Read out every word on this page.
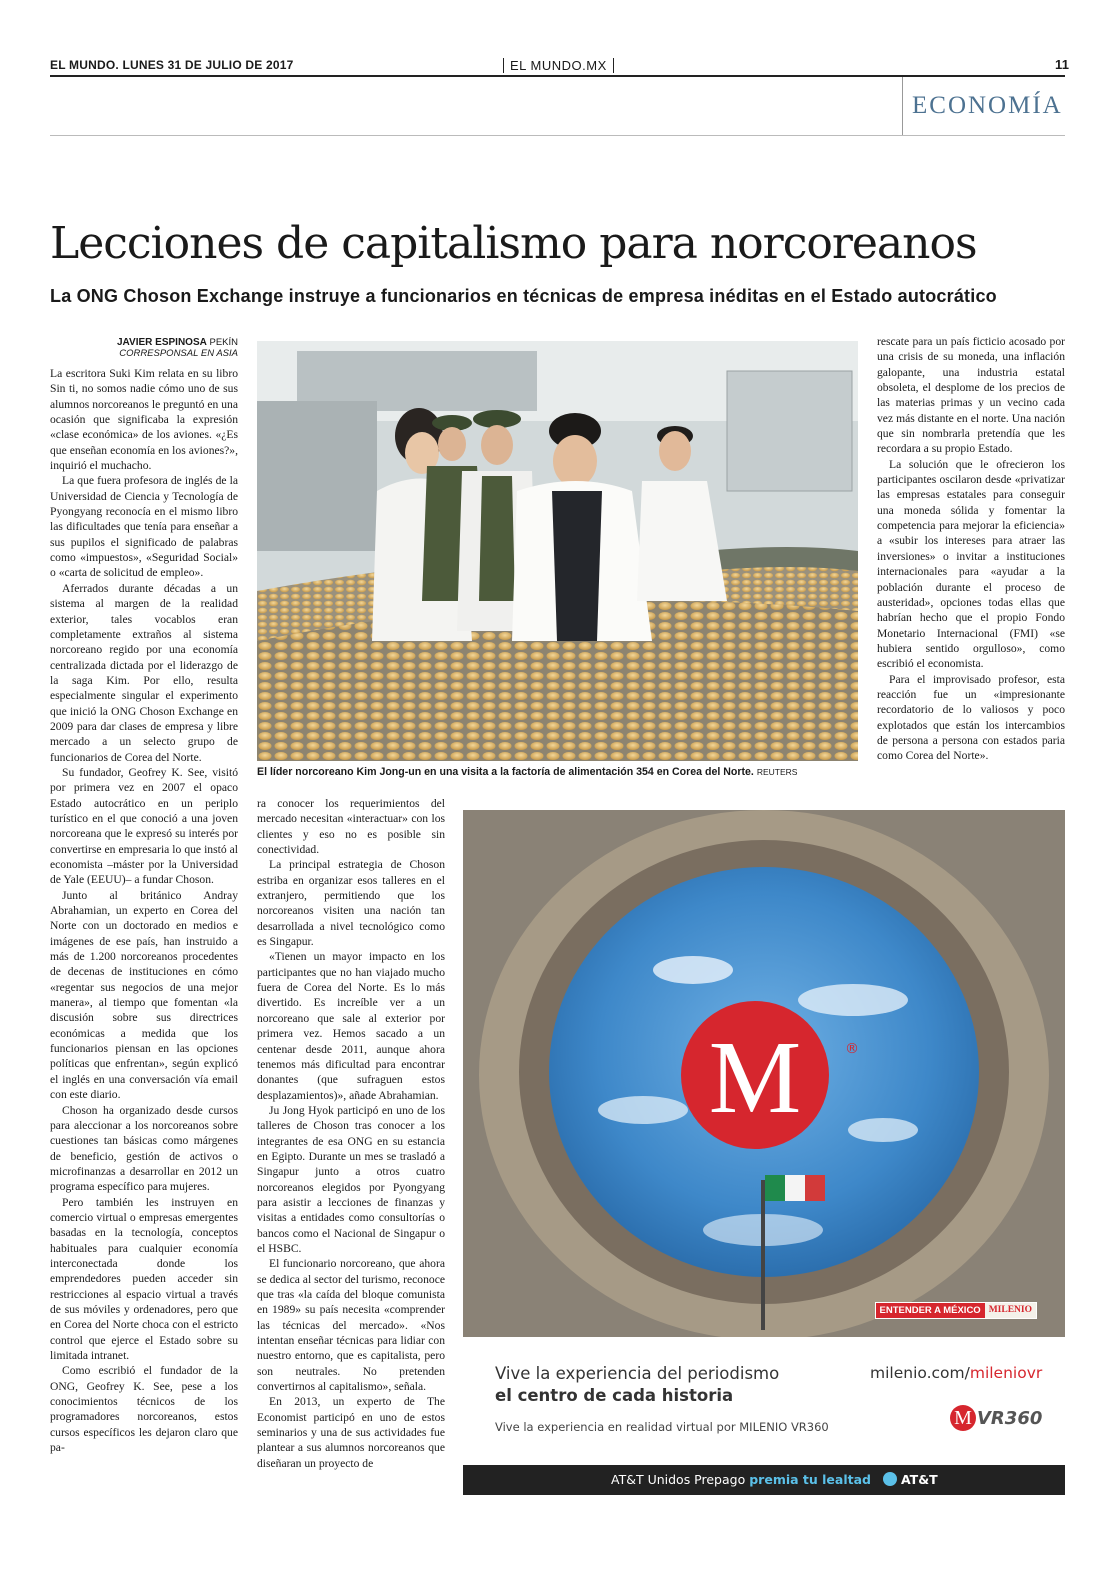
EL MUNDO. LUNES 31 DE JULIO DE 2017	EL MUNDO.MX	11
ECONOMÍA
Lecciones de capitalismo para norcoreanos
La ONG Choson Exchange instruye a funcionarios en técnicas de empresa inéditas en el Estado autocrático
JAVIER ESPINOSA PEKÍN
CORRESPONSAL EN ASIA

La escritora Suki Kim relata en su libro Sin ti, no somos nadie cómo uno de sus alumnos norcoreanos le preguntó en una ocasión que significaba la expresión «clase económica» de los aviones. «¿Es que enseñan economía en los aviones?», inquirió el muchacho.

La que fuera profesora de inglés de la Universidad de Ciencia y Tecnología de Pyongyang reconocía en el mismo libro las dificultades que tenía para enseñar a sus pupilos el significado de palabras como «impuestos», «Seguridad Social» o «carta de solicitud de empleo».

Aferrados durante décadas a un sistema al margen de la realidad exterior, tales vocablos eran completamente extraños al sistema norcoreano regido por una economía centralizada dictada por el liderazgo de la saga Kim. Por ello, resulta especialmente singular el experimento que inició la ONG Choson Exchange en 2009 para dar clases de empresa y libre mercado a un selecto grupo de funcionarios de Corea del Norte.

Su fundador, Geofrey K. See, visitó por primera vez en 2007 el opaco Estado autocrático en un periplo turístico en el que conoció a una joven norcoreana que le expresó su interés por convertirse en empresaria lo que instó al economista –máster por la Universidad de Yale (EEUU)– a fundar Choson.

Junto al británico Andray Abrahamian, un experto en Corea del Norte con un doctorado en medios e imágenes de ese país, han instruido a más de 1.200 norcoreanos procedentes de decenas de instituciones en cómo «regentar sus negocios de una mejor manera», al tiempo que fomentan «la discusión sobre sus directrices económicas a medida que los funcionarios piensan en las opciones políticas que enfrentan», según explicó el inglés en una conversación vía email con este diario.

Choson ha organizado desde cursos para aleccionar a los norcoreanos sobre cuestiones tan básicas como márgenes de beneficio, gestión de activos o microfinanzas a desarrollar en 2012 un programa específico para mujeres.

Pero también les instruyen en comercio virtual o empresas emergentes basadas en la tecnología, conceptos habituales para cualquier economía interconectada donde los emprendedores pueden acceder sin restricciones al espacio virtual a través de sus móviles y ordenadores, pero que en Corea del Norte choca con el estricto control que ejerce el Estado sobre su limitada intranet.

Como escribió el fundador de la ONG, Geofrey K. See, pese a los conocimientos técnicos de los programadores norcoreanos, estos cursos específicos les dejaron claro que pa-

El líder norcoreano Kim Jong-un en una visita a la factoría de alimentación 354 en Corea del Norte. REUTERS

rescate para un país ficticio acosado por una crisis de su moneda, una inflación galopante, una industria estatal obsoleta, el desplome de los precios de las materias primas y un vecino cada vez más distante en el norte. Una nación que sin nombrarla pretendía que les recordara a su propio Estado.

La solución que le ofrecieron los participantes oscilaron desde «privatizar las empresas estatales para conseguir una moneda sólida y fomentar la competencia para mejorar la eficiencia» a «subir los intereses para atraer las inversiones» o invitar a instituciones internacionales para «ayudar a la población durante el proceso de austeridad», opciones todas ellas que habrían hecho que el propio Fondo Monetario Internacional (FMI) «se hubiera sentido orgulloso», como escribió el economista.

Para el improvisado profesor, esta reacción fue un «impresionante recordatorio de lo valiosos y poco explotados que están los intercambios de persona a persona con estados paria como Corea del Norte».

ra conocer los requerimientos del mercado necesitan «interactuar» con los clientes y eso no es posible sin conectividad.

La principal estrategia de Choson estriba en organizar esos talleres en el extranjero, permitiendo que los norcoreanos visiten una nación tan desarrollada a nivel tecnológico como es Singapur.

«Tienen un mayor impacto en los participantes que no han viajado mucho fuera de Corea del Norte. Es lo más divertido. Es increíble ver a un norcoreano que sale al exterior por primera vez. Hemos sacado a un centenar desde 2011, aunque ahora tenemos más dificultad para encontrar donantes (que sufraguen estos desplazamientos)», añade Abrahamian.

Ju Jong Hyok participó en uno de los talleres de Choson tras conocer a los integrantes de esa ONG en su estancia en Egipto. Durante un mes se trasladó a Singapur junto a otros cuatro norcoreanos elegidos por Pyongyang para asistir a lecciones de finanzas y visitas a entidades como consultorías o bancos como el Nacional de Singapur o el HSBC.

El funcionario norcoreano, que ahora se dedica al sector del turismo, reconoce que tras «la caída del bloque comunista en 1989» su país necesita «comprender las técnicas del mercado». «Nos intentan enseñar técnicas para lidiar con nuestro entorno, que es capitalista, pero son neutrales. No pretenden convertirnos al capitalismo», señala.

En 2013, un experto de The Economist participó en uno de estos seminarios y una de sus actividades fue plantear a sus alumnos norcoreanos que diseñaran un proyecto de

M	®
ENTENDER A MÉXICO MILENIO
Vive la experiencia del periodismo
el centro de cada historia
Vive la experiencia en realidad virtual por MILENIO VR360
milenio.com/mileniovr
M VR360
AT&T Unidos Prepago premia tu lealtad AT&T
